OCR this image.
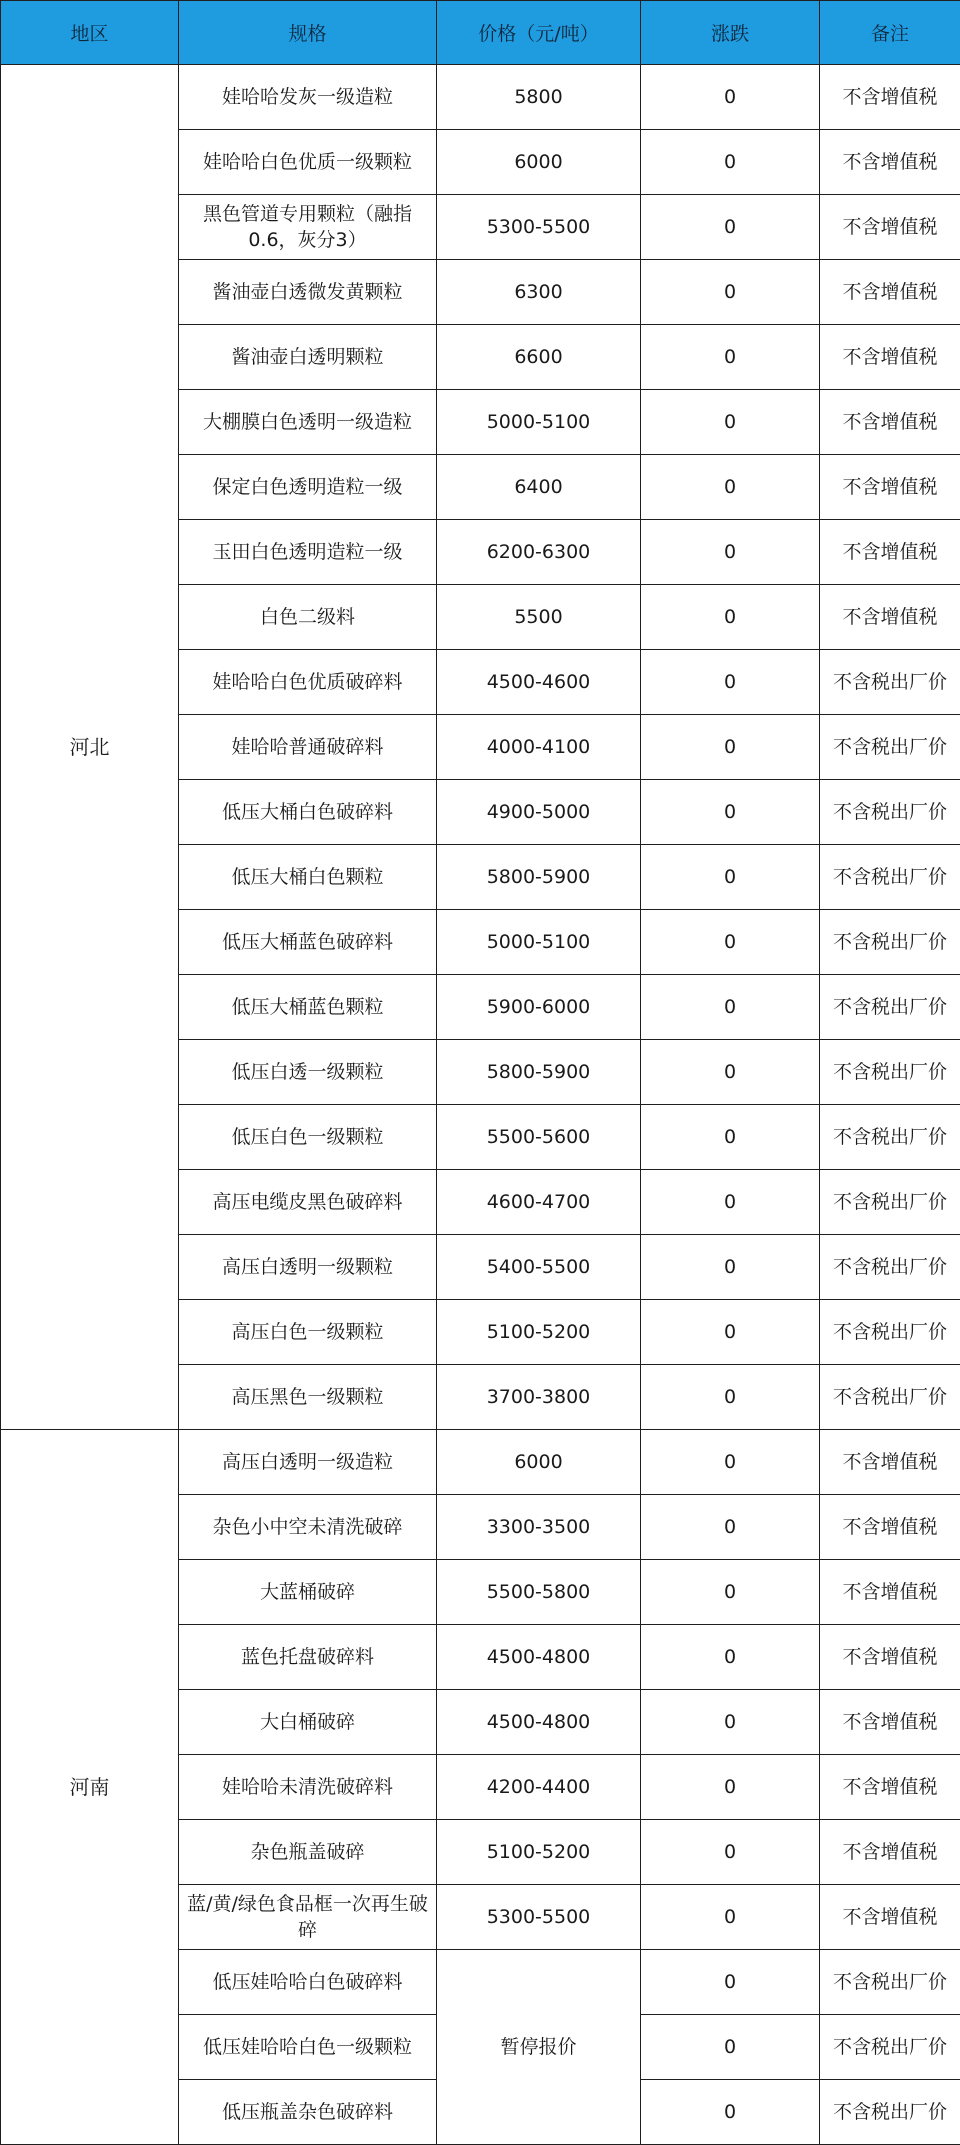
地区	规格	价格（元/吨）	涨跌	备注
河北	娃哈哈发灰一级造粒	5800	0	不含增值税
	娃哈哈白色优质一级颗粒	6000	0	不含增值税
	黑色管道专用颗粒（融指0.6，灰分3）	5300-5500	0	不含增值税
	酱油壶白透微发黄颗粒	6300	0	不含增值税
	酱油壶白透明颗粒	6600	0	不含增值税
	大棚膜白色透明一级造粒	5000-5100	0	不含增值税
	保定白色透明造粒一级	6400	0	不含增值税
	玉田白色透明造粒一级	6200-6300	0	不含增值税
	白色二级料	5500	0	不含增值税
	娃哈哈白色优质破碎料	4500-4600	0	不含税出厂价
	娃哈哈普通破碎料	4000-4100	0	不含税出厂价
	低压大桶白色破碎料	4900-5000	0	不含税出厂价
	低压大桶白色颗粒	5800-5900	0	不含税出厂价
	低压大桶蓝色破碎料	5000-5100	0	不含税出厂价
	低压大桶蓝色颗粒	5900-6000	0	不含税出厂价
	低压白透一级颗粒	5800-5900	0	不含税出厂价
	低压白色一级颗粒	5500-5600	0	不含税出厂价
	高压电缆皮黑色破碎料	4600-4700	0	不含税出厂价
	高压白透明一级颗粒	5400-5500	0	不含税出厂价
	高压白色一级颗粒	5100-5200	0	不含税出厂价
	高压黑色一级颗粒	3700-3800	0	不含税出厂价
河南	高压白透明一级造粒	6000	0	不含增值税
	杂色小中空未清洗破碎	3300-3500	0	不含增值税
	大蓝桶破碎	5500-5800	0	不含增值税
	蓝色托盘破碎料	4500-4800	0	不含增值税
	大白桶破碎	4500-4800	0	不含增值税
	娃哈哈未清洗破碎料	4200-4400	0	不含增值税
	杂色瓶盖破碎	5100-5200	0	不含增值税
	蓝/黄/绿色食品框一次再生破碎	5300-5500	0	不含增值税
	低压娃哈哈白色破碎料	暂停报价	0	不含税出厂价
	低压娃哈哈白色一级颗粒		0	不含税出厂价
	低压瓶盖杂色破碎料		0	不含税出厂价
